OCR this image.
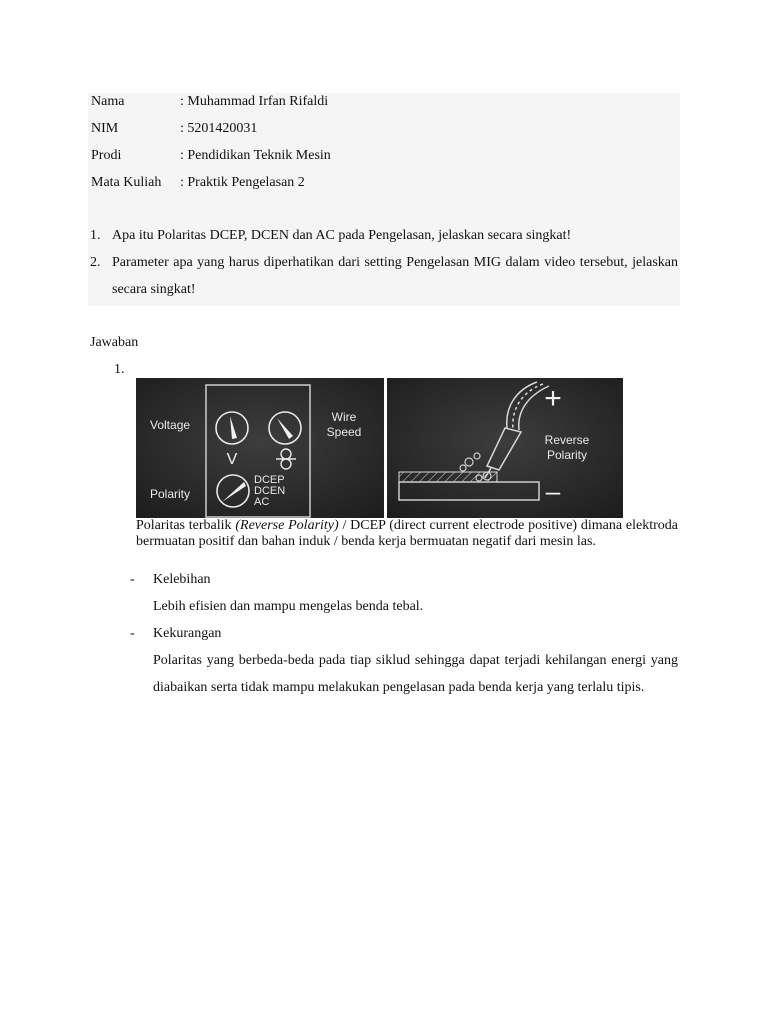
Nama	: Muhammad Irfan Rifaldi
NIM	: 5201420031
Prodi	: Pendidikan Teknik Mesin
Mata Kuliah	: Praktik Pengelasan 2
1. Apa itu Polaritas DCEP, DCEN dan AC pada Pengelasan, jelaskan secara singkat!
2. Parameter apa yang harus diperhatikan dari setting Pengelasan MIG dalam video tersebut, jelaskan secara singkat!
Jawaban
1.
Voltage
Wire
Speed
V
Polarity
DCEP
DCEN
AC
+
–
Reverse
Polarity
Polaritas terbalik (Reverse Polarity) / DCEP (direct current electrode positive) dimana elektroda bermuatan positif dan bahan induk / benda kerja bermuatan negatif dari mesin las.
- Kelebihan
Lebih efisien dan mampu mengelas benda tebal.
- Kekurangan
Polaritas yang berbeda-beda pada tiap siklud sehingga dapat terjadi kehilangan energi yang diabaikan serta tidak mampu melakukan pengelasan pada benda kerja yang terlalu tipis.
